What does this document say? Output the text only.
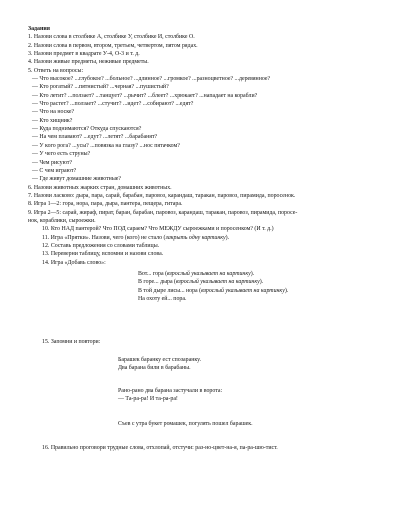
Задания
1. Назови слова в столбике А, столбике У, столбике И, столбике О.
2. Назови слова в первом, втором, третьем, четвертом, пятом рядах.
3. Назови предмет в квадрате У-4, О-3 и т. д.
4. Назови живые предметы, неживые предметы.
5. Ответь на вопросы:
— Что высокое? ...глубокое? ...больное? ...длинное? ...громкое? ...разноцветное? ...деревянное?
— Кто рогатый? ...пятнистый? ...черная? ...пушистый?
— Кто летит? ...ползает? ...танцует? ...рычит? ...блеет? ...хрюкает? ...нападает на корабли?
— Что растет? ...ползает? ...стучит? ...идет? ...собирают? ...едят?
— Что на носке?
— Кто хищник?
— Куда поднимаются? Откуда спускаются?
— На чем плавают? ...едут? ...летят? ...барабанят?
— У кого рога? ...усы? ...повязка на глазу? ...нос пятачком?
— У чего есть струны?
— Чем рисуют?
— С чем играют?
— Где живут домашние животные?
6. Назови животных жарких стран, домашних животных.
7. Назови ласково: дыра, пара, сарай, барабан, паровоз, карандаш, таракан, паровоз, пирамида, поросенок.
8. Игра 1—2: гора, нора, пара, дыра, пантера, пещера, гитара.
9. Игра 2—5: сарай, жираф, пират, баран, барабан, паровоз, карандаш, таракан, паровоз, пирамида, поросе-
нок, кораблики, сыроежки.
10. Кто НАД пантерой? Что ПОД сараем? Что МЕЖДУ сыроежками и поросенком? (И т. д.)
11. Игра «Прятки». Назови, чего (кого) не стало (закрыть одну картинку).
12. Составь предложения со словами таблицы.
13. Переверни таблицу, вспомни и назови слова.
14. Игра «Добавь слово»:
Вот... гора (взрослый указывает на картинку).
В горе... дыра (взрослый указывает на картинку).
В той дыре лисы... нора (взрослый указывает на картинку).
На охоту ей... пора.
15. Запомни и повтори:
Барашек баранку ест спозаранку.
Два барана били в барабаны.
Рано-рано два барана застучали в ворота:
— Та-ра-ра! И та-ра-ра!
Съев с утра букет ромашек, погулять пошел барашек.
16. Правильно проговори трудные слова, отхлопай, отстучи: раз-но-цвет-на-я, па-ра-шю-тист.
